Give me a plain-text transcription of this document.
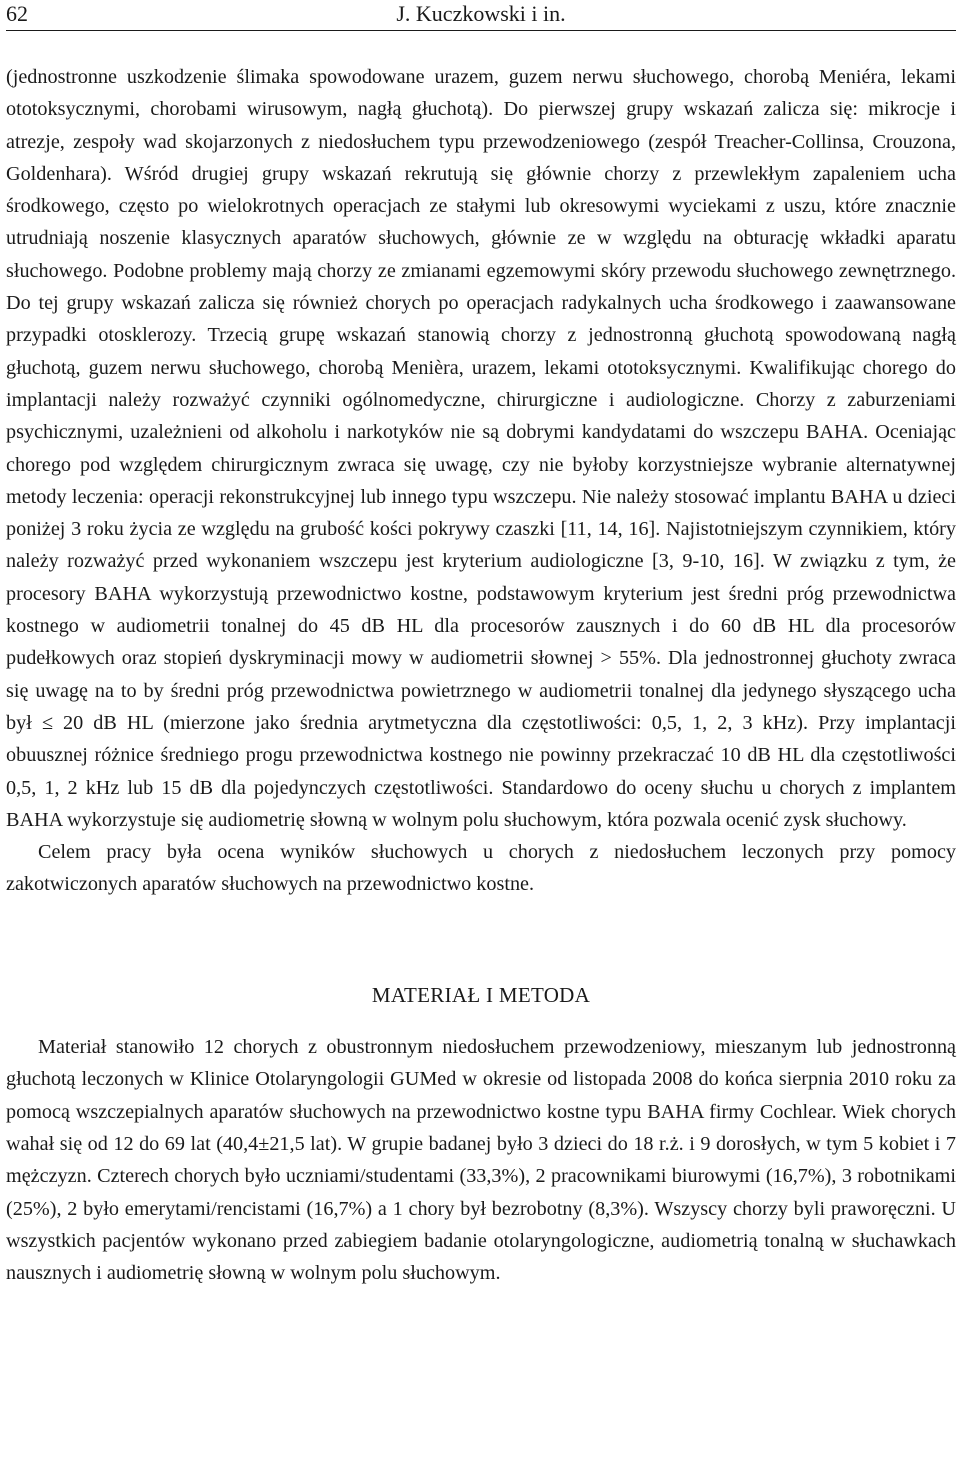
62	J. Kuczkowski i in.

(jednostronne uszkodzenie ślimaka spowodowane urazem, guzem nerwu słuchowego, chorobą Meniéra, lekami ototoksycznymi, chorobami wirusowym, nagłą głuchotą). Do pierwszej grupy wskazań zalicza się: mikrocje i atrezje, zespoły wad skojarzonych z niedosłuchem typu przewodzeniowego (zespół Treacher-Collinsa, Crouzona, Goldenhara). Wśród drugiej grupy wskazań rekrutują się głównie chorzy z przewlekłym zapaleniem ucha środkowego, często po wielokrotnych operacjach ze stałymi lub okresowymi wyciekami z uszu, które znacznie utrudniają noszenie klasycznych aparatów słuchowych, głównie ze w względu na obturację wkładki aparatu słuchowego. Podobne problemy mają chorzy ze zmianami egzemowymi skóry przewodu słuchowego zewnętrznego. Do tej grupy wskazań zalicza się również chorych po operacjach radykalnych ucha środkowego i zaawansowane przypadki otosklerozy. Trzecią grupę wskazań stanowią chorzy z jednostronną głuchotą spowodowaną nagłą głuchotą, guzem nerwu słuchowego, chorobą Menièra, urazem, lekami ototoksycznymi. Kwalifikując chorego do implantacji należy rozważyć czynniki ogólnomedyczne, chirurgiczne i audiologiczne. Chorzy z zaburzeniami psychicznymi, uzależnieni od alkoholu i narkotyków nie są dobrymi kandydatami do wszczepu BAHA. Oceniając chorego pod względem chirurgicznym zwraca się uwagę, czy nie byłoby korzystniejsze wybranie alternatywnej metody leczenia: operacji rekonstrukcyjnej lub innego typu wszczepu. Nie należy stosować implantu BAHA u dzieci poniżej 3 roku życia ze względu na grubość kości pokrywy czaszki [11, 14, 16]. Najistotniejszym czynnikiem, który należy rozważyć przed wykonaniem wszczepu jest kryterium audiologiczne [3, 9-10, 16]. W związku z tym, że procesory BAHA wykorzystują przewodnictwo kostne, podstawowym kryterium jest średni próg przewodnictwa kostnego w audiometrii tonalnej do 45 dB HL dla procesorów zausznych i do 60 dB HL dla procesorów pudełkowych oraz stopień dyskryminacji mowy w audiometrii słownej > 55%. Dla jednostronnej głuchoty zwraca się uwagę na to by średni próg przewodnictwa powietrznego w audiometrii tonalnej dla jedynego słyszącego ucha był ≤ 20 dB HL (mierzone jako średnia arytmetyczna dla częstotliwości: 0,5, 1, 2, 3 kHz). Przy implantacji obuusznej różnice średniego progu przewodnictwa kostnego nie powinny przekraczać 10 dB HL dla częstotliwości 0,5, 1, 2 kHz lub 15 dB dla pojedynczych częstotliwości. Standardowo do oceny słuchu u chorych z implantem BAHA wykorzystuje się audiometrię słowną w wolnym polu słuchowym, która pozwala ocenić zysk słuchowy.

Celem pracy była ocena wyników słuchowych u chorych z niedosłuchem leczonych przy pomocy zakotwiczonych aparatów słuchowych na przewodnictwo kostne.

MATERIAŁ I METODA

Materiał stanowiło 12 chorych z obustronnym niedosłuchem przewodzeniowy, mieszanym lub jednostronną głuchotą leczonych w Klinice Otolaryngologii GUMed w okresie od listopada 2008 do końca sierpnia 2010 roku za pomocą wszczepialnych aparatów słuchowych na przewodnictwo kostne typu BAHA firmy Cochlear. Wiek chorych wahał się od 12 do 69 lat (40,4±21,5 lat). W grupie badanej było 3 dzieci do 18 r.ż. i 9 dorosłych, w tym 5 kobiet i 7 mężczyzn. Czterech chorych było uczniami/studentami (33,3%), 2 pracownikami biurowymi (16,7%), 3 robotnikami (25%), 2 było emerytami/rencistami (16,7%) a 1 chory był bezrobotny (8,3%). Wszyscy chorzy byli praworęczni. U wszystkich pacjentów wykonano przed zabiegiem badanie otolaryngologiczne, audiometrią tonalną w słuchawkach nausznych i audiometrię słowną w wolnym polu słuchowym.
